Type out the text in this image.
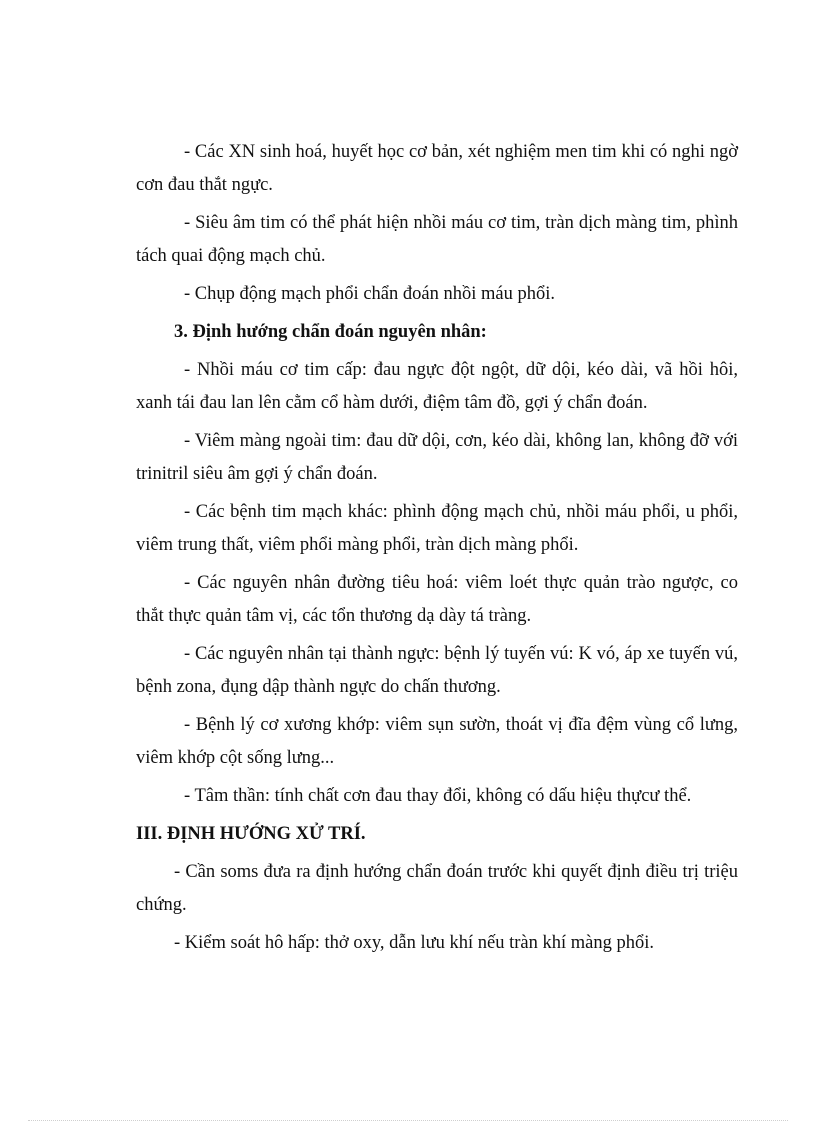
- Các XN sinh hoá, huyết học cơ bản, xét nghiệm men tim khi có nghi ngờ cơn đau thắt ngực.

- Siêu âm tim có thể phát hiện nhồi máu cơ tim, tràn dịch màng tim, phình tách quai động mạch chủ.

- Chụp động mạch phổi chẩn đoán nhồi máu phổi.

3. Định hướng chẩn đoán nguyên nhân:

- Nhồi máu cơ tim cấp: đau ngực đột ngột, dữ dội, kéo dài, vã hồi hôi, xanh tái đau lan lên cằm cổ hàm dưới, điệm tâm đồ, gợi ý chẩn đoán.

- Viêm màng ngoài tim: đau dữ dội, cơn, kéo dài, không lan, không đỡ với trinitril siêu âm gợi ý chẩn đoán.

- Các bệnh tim mạch khác: phình động mạch chủ, nhồi máu phổi, u phổi, viêm trung thất, viêm phổi màng phổi, tràn dịch màng phổi.

- Các nguyên nhân đường tiêu hoá: viêm loét thực quản trào ngược, co thắt thực quản tâm vị, các tổn thương dạ dày tá tràng.

- Các nguyên nhân tại thành ngực: bệnh lý tuyến vú: K vó, áp xe tuyến vú, bệnh zona, đụng dập thành ngực do chấn thương.

- Bệnh lý cơ xương khớp: viêm sụn sườn, thoát vị đĩa đệm vùng cổ lưng, viêm khớp cột sống lưng...

- Tâm thần: tính chất cơn đau thay đổi, không có dấu hiệu thựcư thể.

III. ĐỊNH HƯỚNG XỬ TRÍ.

- Cần soms đưa ra định hướng chẩn đoán trước khi quyết định điều trị triệu chứng.

- Kiểm soát hô hấp: thở oxy, dẫn lưu khí nếu tràn khí màng phổi.
